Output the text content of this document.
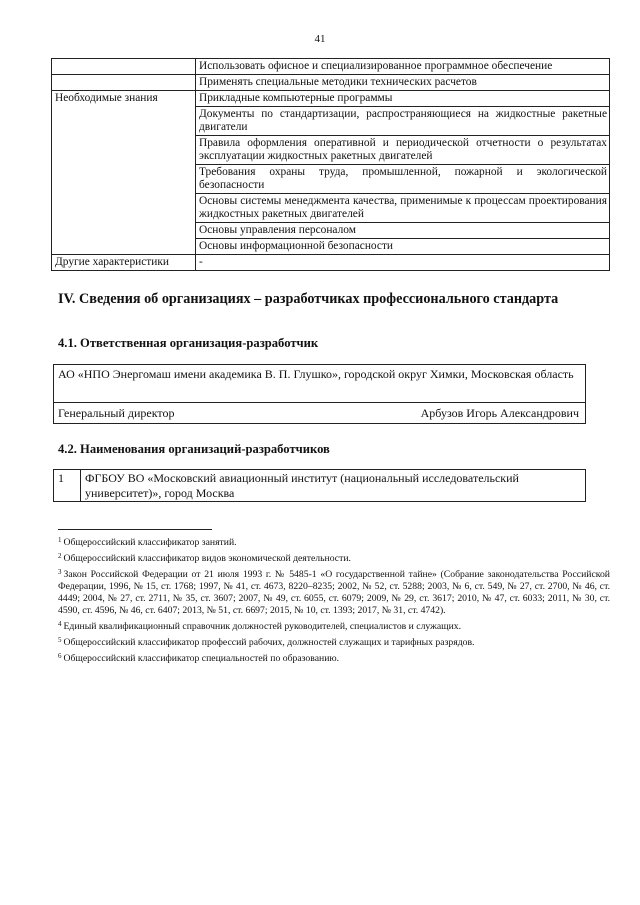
41
	Использовать офисное и специализированное программное обеспечение
	Применять специальные методики технических расчетов
Необходимые знания	Прикладные компьютерные программы
	Документы по стандартизации, распространяющиеся на жидкостные ракетные двигатели
	Правила оформления оперативной и периодической отчетности о результатах эксплуатации жидкостных ракетных двигателей
	Требования охраны труда, промышленной, пожарной и экологической безопасности
	Основы системы менеджмента качества, применимые к процессам проектирования жидкостных ракетных двигателей
	Основы управления персоналом
	Основы информационной безопасности
Другие характеристики	-
IV. Сведения об организациях – разработчиках профессионального стандарта
4.1. Ответственная организация-разработчик
АО «НПО Энергомаш имени академика В. П. Глушко», городской округ Химки, Московская область
Генеральный директор	Арбузов Игорь Александрович
4.2. Наименования организаций-разработчиков
1 ФГБОУ ВО «Московский авиационный институт (национальный исследовательский университет)», город Москва
$^1$ Общероссийский классификатор занятий.
$^2$ Общероссийский классификатор видов экономической деятельности.
$^3$ Закон Российской Федерации от 21 июля 1993 г. № 5485-1 «О государственной тайне» (Собрание законодательства Российской Федерации, 1996, № 15, ст. 1768; 1997, № 41, ст. 4673, 8220–8235; 2002, № 52, ст. 5288; 2003, № 6, ст. 549, № 27, ст. 2700, № 46, ст. 4449; 2004, № 27, ст. 2711, № 35, ст. 3607; 2007, № 49, ст. 6055, ст. 6079; 2009, № 29, ст. 3617; 2010, № 47, ст. 6033; 2011, № 30, ст. 4590, ст. 4596, № 46, ст. 6407; 2013, № 51, ст. 6697; 2015, № 10, ст. 1393; 2017, № 31, ст. 4742).
$^4$ Единый квалификационный справочник должностей руководителей, специалистов и служащих.
$^5$ Общероссийский классификатор профессий рабочих, должностей служащих и тарифных разрядов.
$^6$ Общероссийский классификатор специальностей по образованию.
